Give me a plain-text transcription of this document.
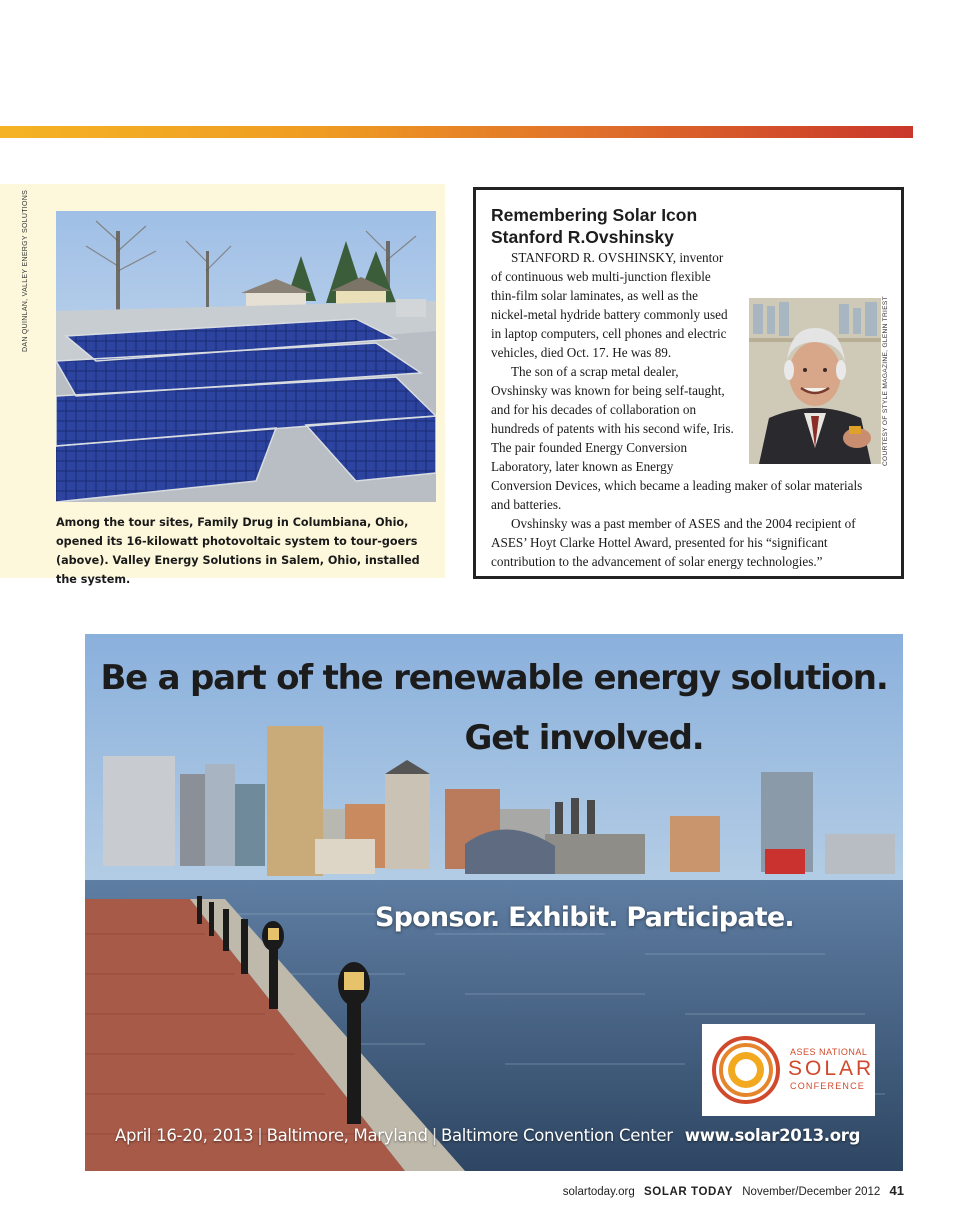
DAN QUINLAN, VALLEY ENERGY SOLUTIONS
Among the tour sites, Family Drug in Columbiana, Ohio, opened its 16-kilowatt photovoltaic system to tour-goers (above). Valley Energy Solutions in Salem, Ohio, installed the system.
Remembering Solar Icon
Stanford R.Ovshinsky

STANFORD R. OVSHINSKY, inventor of continuous web multi-junction flexible thin-film solar laminates, as well as the nickel-metal hydride battery commonly used in laptop computers, cell phones and electric vehicles, died Oct. 17. He was 89.

The son of a scrap metal dealer, Ovshinsky was known for being self-taught, and for his decades of collaboration on hundreds of patents with his second wife, Iris. The pair founded Energy Conversion Laboratory, later known as Energy Conversion Devices, which became a leading maker of solar materials and batteries.

Ovshinsky was a past member of ASES and the 2004 recipient of ASES’ Hoyt Clarke Hottel Award, presented for his “significant contribution to the advancement of solar energy technologies.”

COURTESY OF STYLE MAGAZINE, GLENN TRIEST
Be a part of the renewable energy solution.
Get involved.
Sponsor. Exhibit. Participate.
ASES NATIONAL
SOLAR
CONFERENCE
April 16-20, 2013 | Baltimore, Maryland | Baltimore Convention Center www.solar2013.org
solartoday.org SOLAR TODAY November/December 2012 41
